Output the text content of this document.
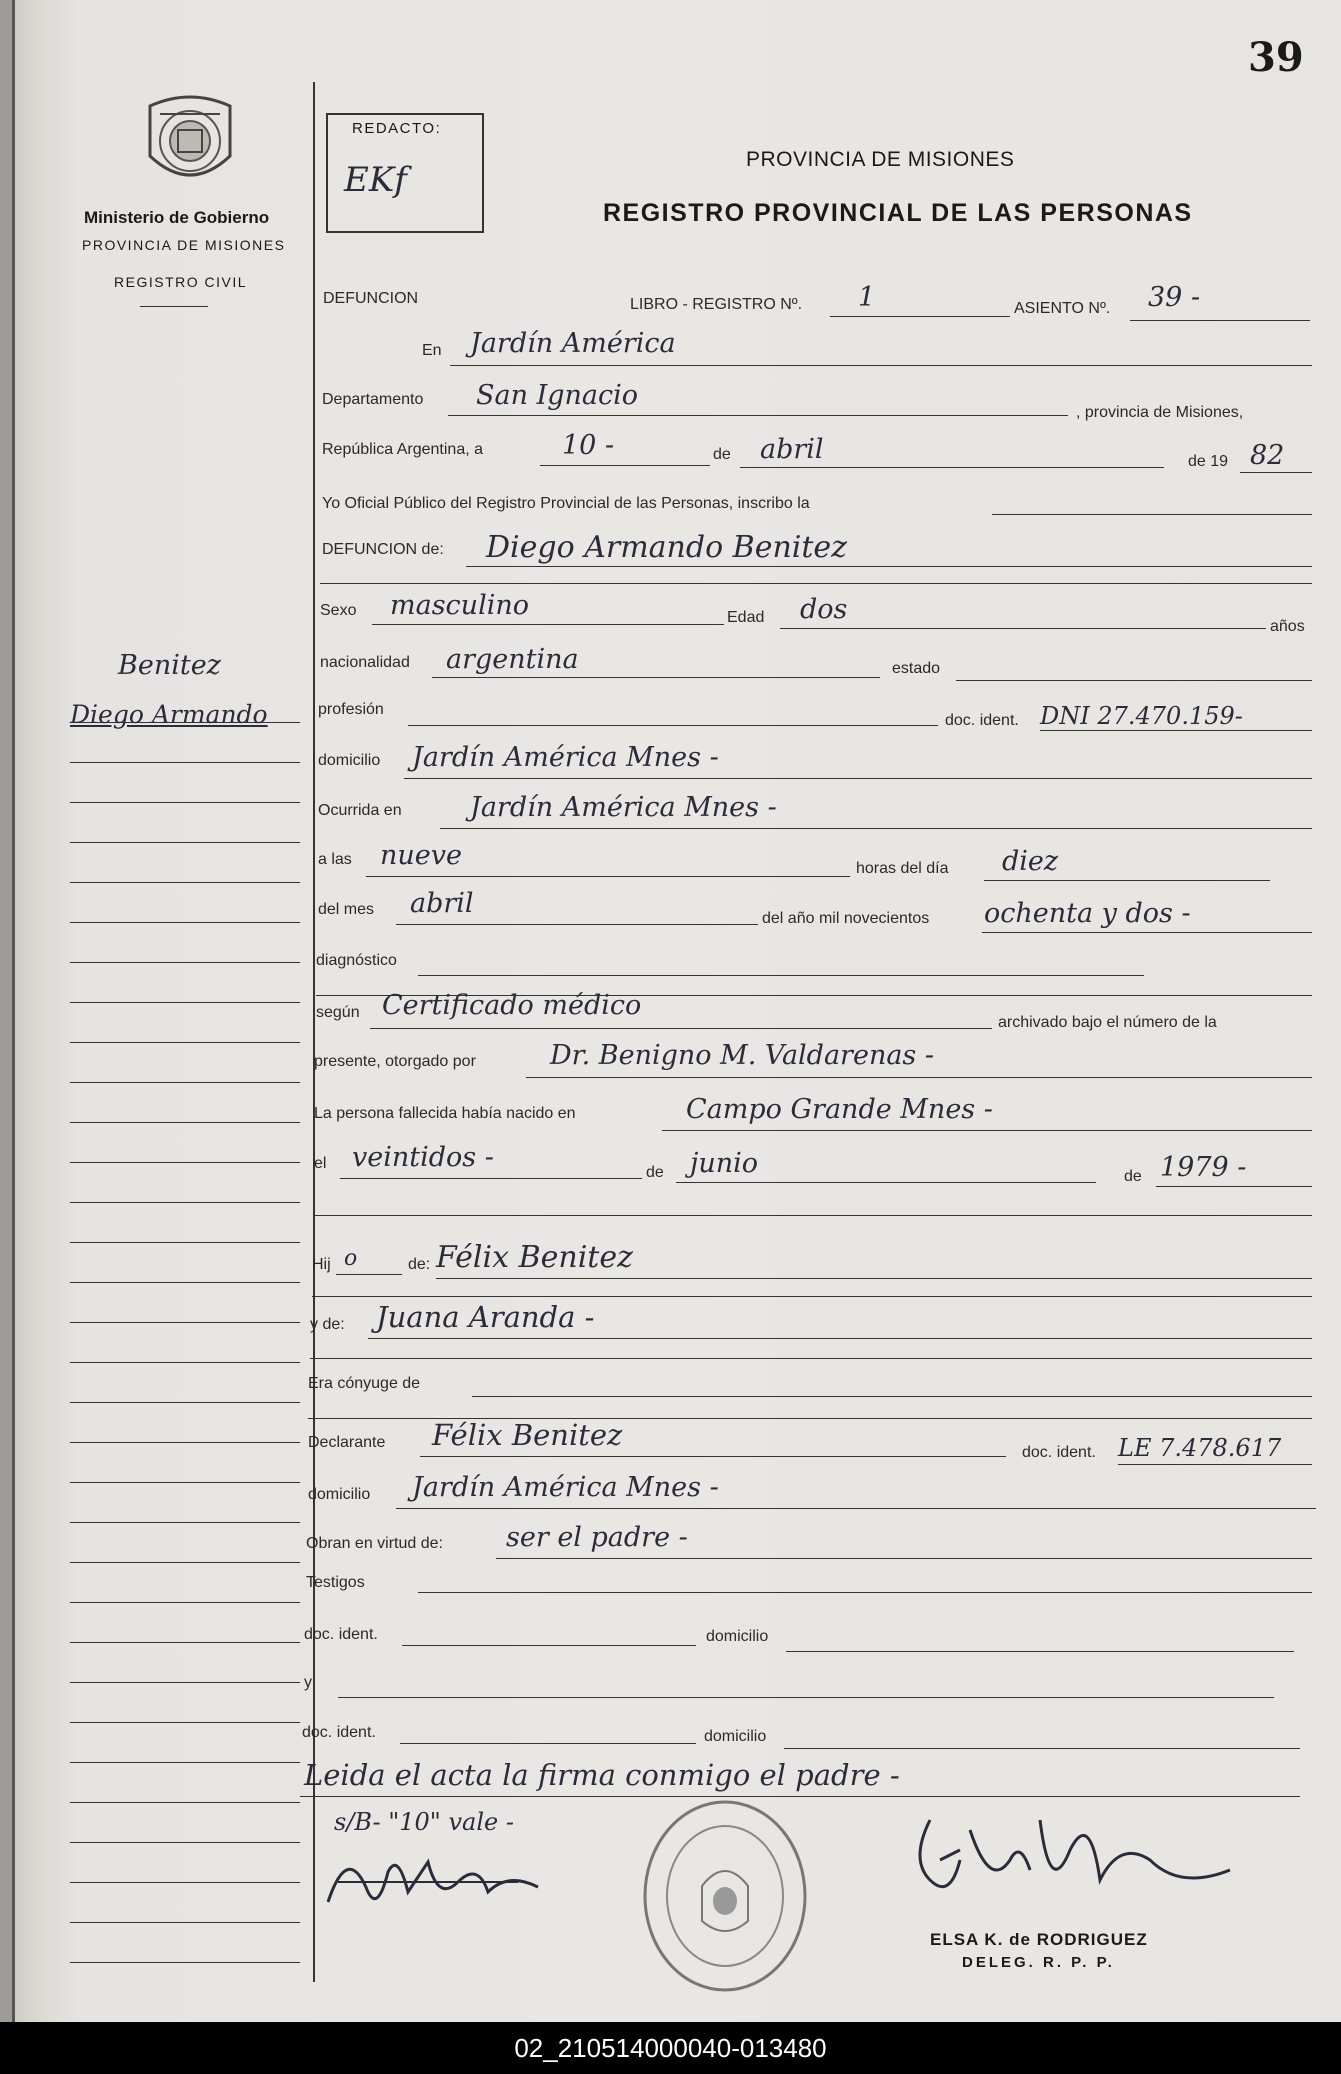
39
Ministerio de Gobierno
PROVINCIA DE MISIONES
REGISTRO CIVIL
Benitez
Diego Armando
REDACTO:
EKf
PROVINCIA DE MISIONES
REGISTRO PROVINCIAL DE LAS PERSONAS
DEFUNCION	LIBRO - REGISTRO Nº. 1	ASIENTO Nº. 39 -
En Jardín América
Departamento San Ignacio
, provincia de Misiones,
República Argentina, a	10 -	de abril	de 19 82
Yo Oficial Público del Registro Provincial de las Personas, inscribo la
DEFUNCION de: Diego Armando Benitez
Sexo masculino	Edad dos
años
nacionalidad argentina	estado
profesión
doc. ident. DNI 27.470.159-
domicilio Jardín América Mnes -
Ocurrida en	Jardín América Mnes -
a las nueve	horas del día diez
del mes abril	del año mil novecientos ochenta y dos -
diagnóstico
según Certificado médico
archivado bajo el número de la
presente, otorgado por	Dr. Benigno M. Valdarenas -
La persona fallecida había nacido en	Campo Grande Mnes -
el veintidos -	de junio	de 1979 -
Hij o	de: Félix Benitez
y de: Juana Aranda -
Era cónyuge de
Declarante Félix Benitez
doc. ident. LE 7.478.617
domicilio Jardín América Mnes -
Obran en virtud de: ser el padre -
Testigos
doc. ident.	domicilio
y
doc. ident.	domicilio
Leida el acta la firma conmigo el padre -
s/B- "10" vale -
ELSA K. de RODRIGUEZ
DELEG. R. P. P.
02_210514000040-013480
